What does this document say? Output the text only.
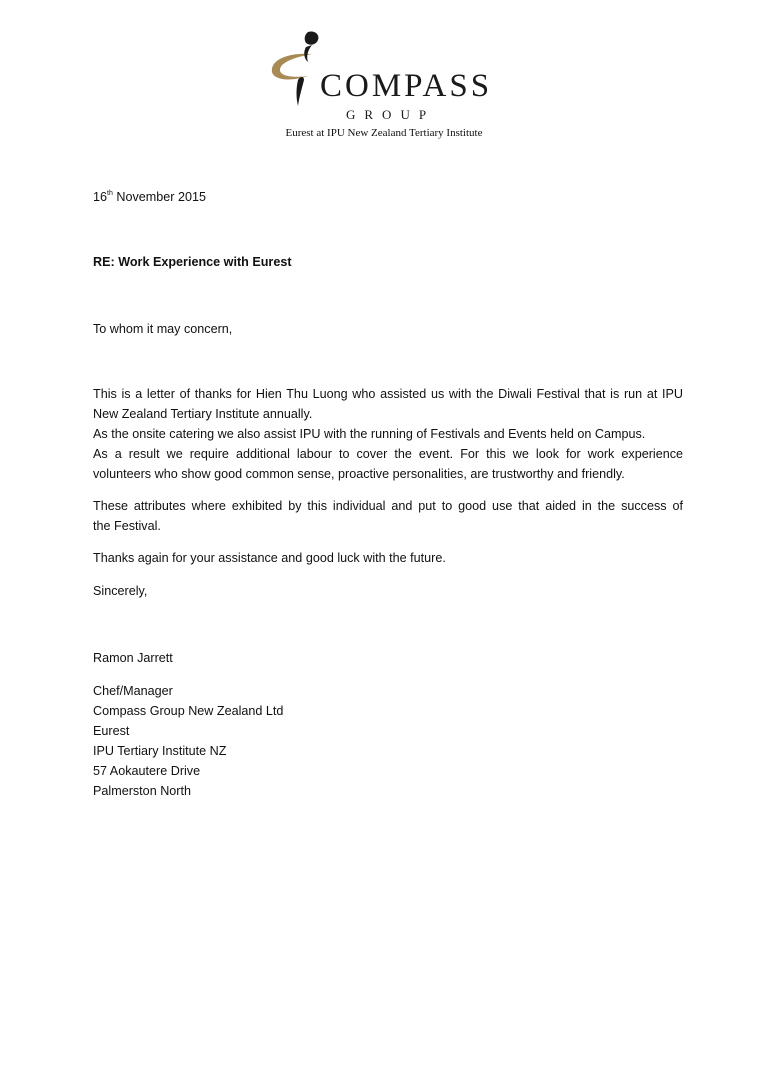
COMPASS
GROUP
Eurest at IPU New Zealand Tertiary Institute
16th November 2015
RE: Work Experience with Eurest
To whom it may concern,
This is a letter of thanks for Hien Thu Luong who assisted us with the Diwali Festival that is run at IPU
New Zealand Tertiary Institute annually.
As the onsite catering we also assist IPU with the running of Festivals and Events held on Campus.
As a result we require additional labour to cover the event. For this we look for work experience
volunteers who show good common sense, proactive personalities, are trustworthy and friendly.
These attributes where exhibited by this individual and put to good use that aided in the success of
the Festival.
Thanks again for your assistance and good luck with the future.
Sincerely,
Ramon Jarrett
Chef/Manager
Compass Group New Zealand Ltd
Eurest
IPU Tertiary Institute NZ
57 Aokautere Drive
Palmerston North
